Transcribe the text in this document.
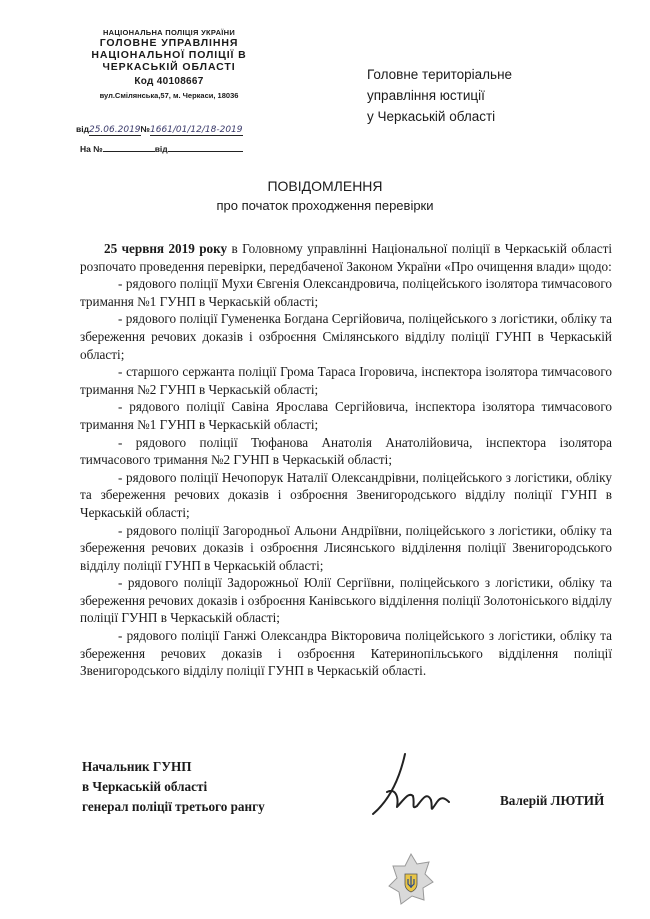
НАЦІОНАЛЬНА ПОЛІЦІЯ УКРАЇНИ
ГОЛОВНЕ УПРАВЛІННЯ
НАЦІОНАЛЬНОЇ ПОЛІЦІЇ В
ЧЕРКАСЬКІЙ ОБЛАСТІ
Код 40108667
вул.Смілянська,57, м. Черкаси, 18036
від25.06.2019№1661/01/12/18-2019
На №	від
Головне територіальне
управління юстиції
у Черкаській області
ПОВІДОМЛЕННЯ
про початок проходження перевірки

25 червня 2019 року в Головному управлінні Національної поліції в Черкаській області розпочато проведення перевірки, передбаченої Законом України «Про очищення влади» щодо:

- рядового поліції Мухи Євгенія Олександровича, поліцейського ізолятора тимчасового тримання №1 ГУНП в Черкаській області;

- рядового поліції Гумененка Богдана Сергійовича, поліцейського з логістики, обліку та збереження речових доказів і озброєння Смілянського відділу поліції ГУНП в Черкаській області;

- старшого сержанта поліції Грома Тараса Ігоровича, інспектора ізолятора тимчасового тримання №2 ГУНП в Черкаській області;

- рядового поліції Савіна Ярослава Сергійовича, інспектора ізолятора тимчасового тримання №1 ГУНП в Черкаській області;

- рядового поліції Тюфанова Анатолія Анатолійовича, інспектора ізолятора тимчасового тримання №2 ГУНП в Черкаській області;

- рядового поліції Нечопорук Наталії Олександрівни, поліцейського з логістики, обліку та збереження речових доказів і озброєння Звенигородського відділу поліції ГУНП в Черкаській області;

- рядового поліції Загородньої Альони Андріївни, поліцейського з логістики, обліку та збереження речових доказів і озброєння Лисянського відділення поліції Звенигородського відділу поліції ГУНП в Черкаській області;

- рядового поліції Задорожньої Юлії Сергіївни, поліцейського з логістики, обліку та збереження речових доказів і озброєння Канівського відділення поліції Золотоніського відділу поліції ГУНП в Черкаській області;

- рядового поліції Ганжі Олександра Вікторовича поліцейського з логістики, обліку та збереження речових доказів і озброєння Катеринопільського відділення поліції Звенигородського відділу поліції ГУНП в Черкаській області.

Начальник ГУНП
в Черкаській області
генерал поліції третього рангу	Валерій ЛЮТИЙ
